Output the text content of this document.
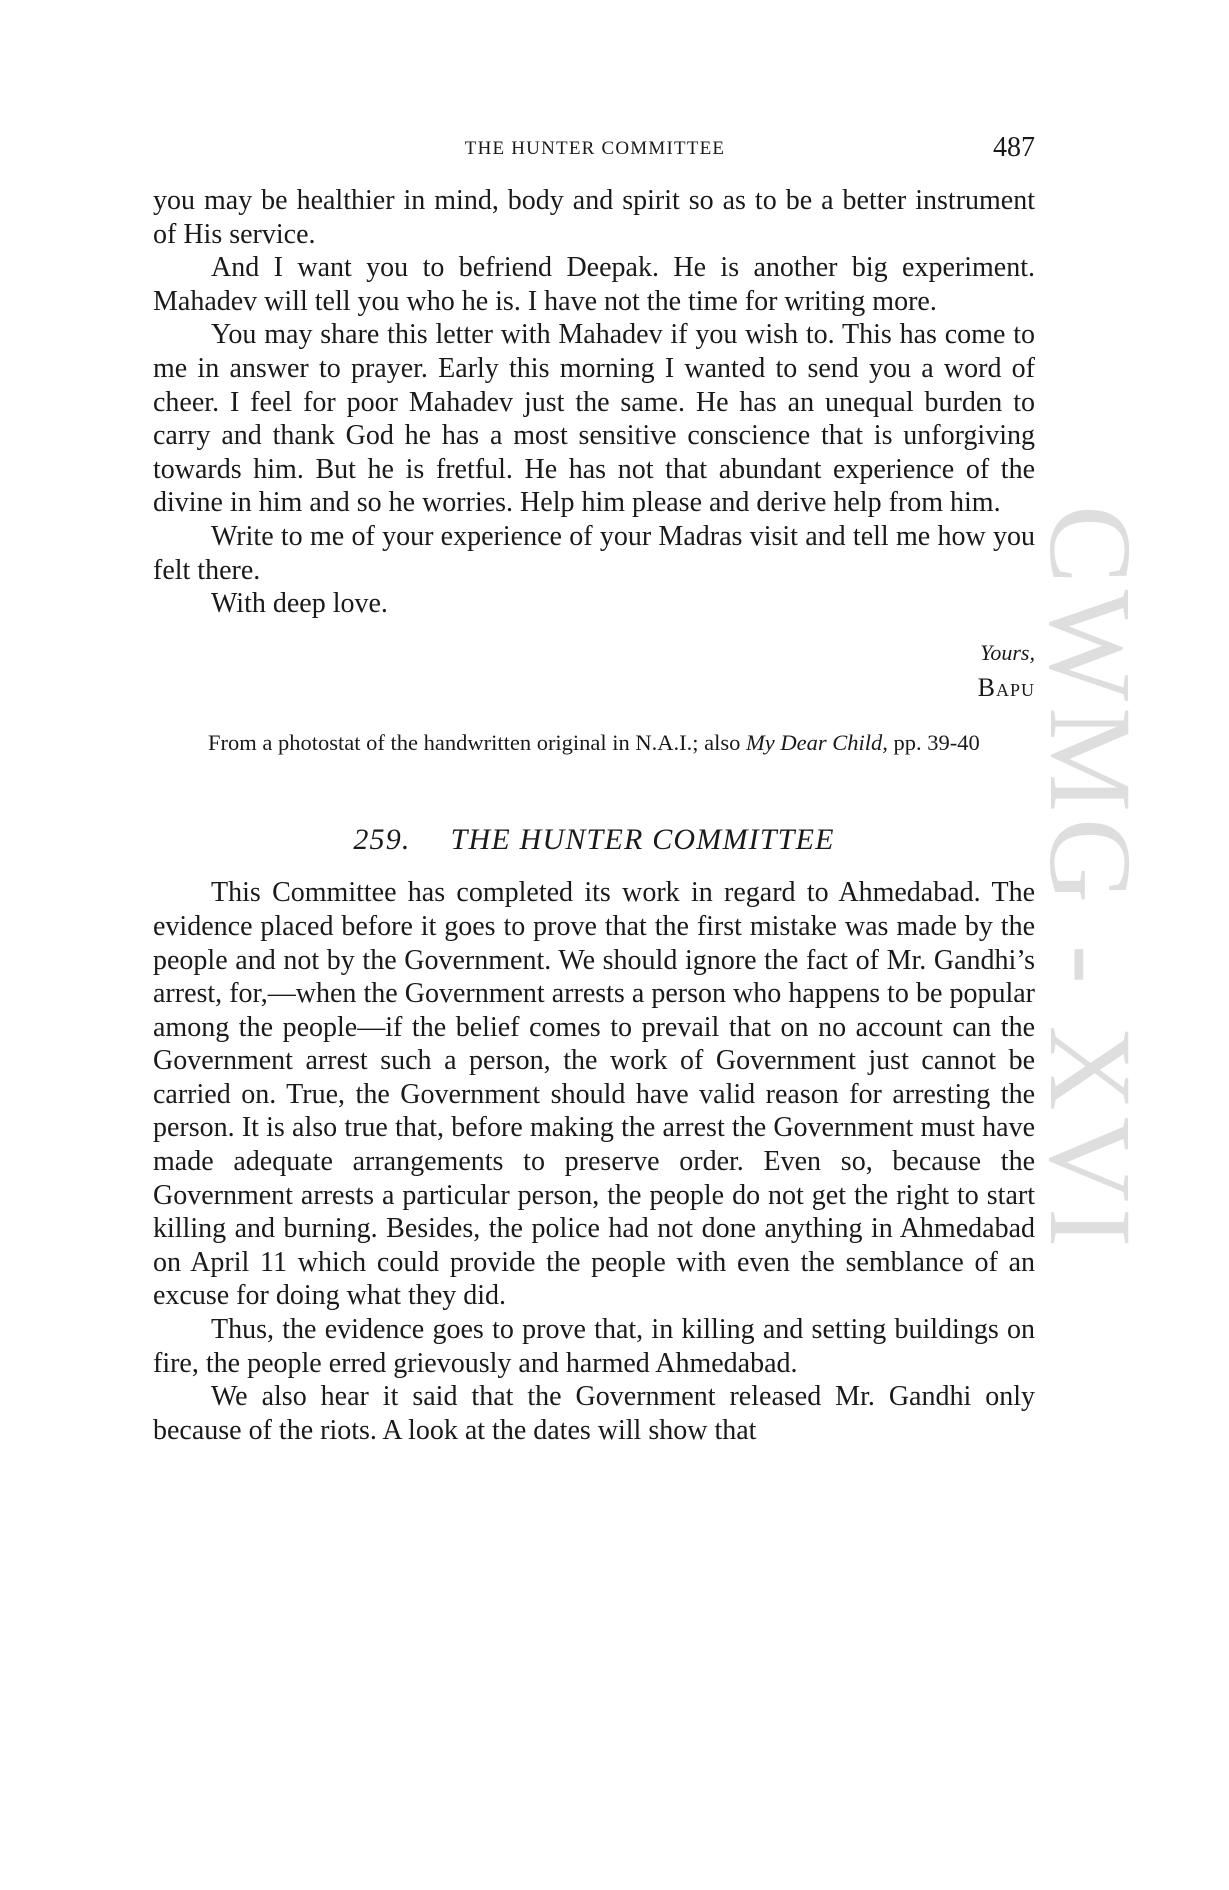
THE HUNTER COMMITTEE	487
CWMG - XVI

you may be healthier in mind, body and spirit so as to be a better instrument of His service.

And I want you to befriend Deepak. He is another big experiment. Mahadev will tell you who he is. I have not the time for writing more.

You may share this letter with Mahadev if you wish to. This has come to me in answer to prayer. Early this morning I wanted to send you a word of cheer. I feel for poor Mahadev just the same. He has an unequal burden to carry and thank God he has a most sensitive conscience that is unforgiving towards him. But he is fretful. He has not that abundant experience of the divine in him and so he worries. Help him please and derive help from him.

Write to me of your experience of your Madras visit and tell me how you felt there.

With deep love.

Yours,
Bapu

From a photostat of the handwritten original in N.A.I.; also My Dear Child, pp. 39-40

259. THE HUNTER COMMITTEE

This Committee has completed its work in regard to Ahmedabad. The evidence placed before it goes to prove that the first mistake was made by the people and not by the Government. We should ignore the fact of Mr. Gandhi’s arrest, for,—when the Government arrests a person who happens to be popular among the people—if the belief comes to prevail that on no account can the Government arrest such a person, the work of Government just cannot be carried on. True, the Government should have valid reason for arresting the person. It is also true that, before making the arrest the Government must have made adequate arrangements to preserve order. Even so, because the Government arrests a particular person, the people do not get the right to start killing and burning. Besides, the police had not done anything in Ahmedabad on April 11 which could provide the people with even the semblance of an excuse for doing what they did.

Thus, the evidence goes to prove that, in killing and setting buildings on fire, the people erred grievously and harmed Ahmedabad.

We also hear it said that the Government released Mr. Gandhi only because of the riots. A look at the dates will show that
